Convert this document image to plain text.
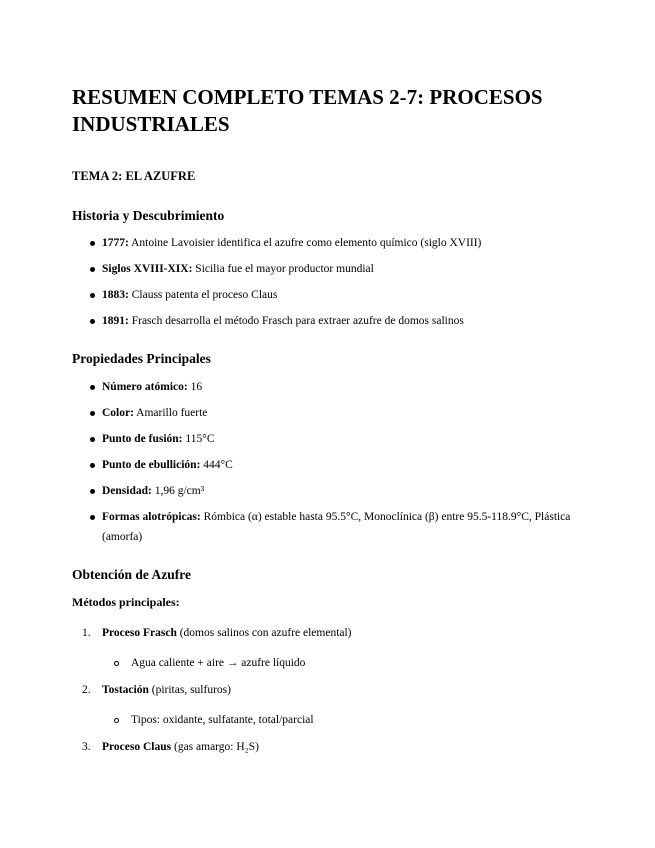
RESUMEN COMPLETO TEMAS 2-7: PROCESOS INDUSTRIALES
TEMA 2: EL AZUFRE
Historia y Descubrimiento
1777: Antoine Lavoisier identifica el azufre como elemento químico (siglo XVIII)
Siglos XVIII-XIX: Sicilia fue el mayor productor mundial
1883: Clauss patenta el proceso Claus
1891: Frasch desarrolla el método Frasch para extraer azufre de domos salinos
Propiedades Principales
Número atómico: 16
Color: Amarillo fuerte
Punto de fusión: 115°C
Punto de ebullición: 444°C
Densidad: 1,96 g/cm³
Formas alotrópicas: Rómbica (α) estable hasta 95.5°C, Monoclínica (β) entre 95.5-118.9°C, Plástica
(amorfa)
Obtención de Azufre
Métodos principales:
1. Proceso Frasch (domos salinos con azufre elemental)
Agua caliente + aire → azufre líquido
2. Tostación (piritas, sulfuros)
Tipos: oxidante, sulfatante, total/parcial
3. Proceso Claus (gas amargo: H₂S)
